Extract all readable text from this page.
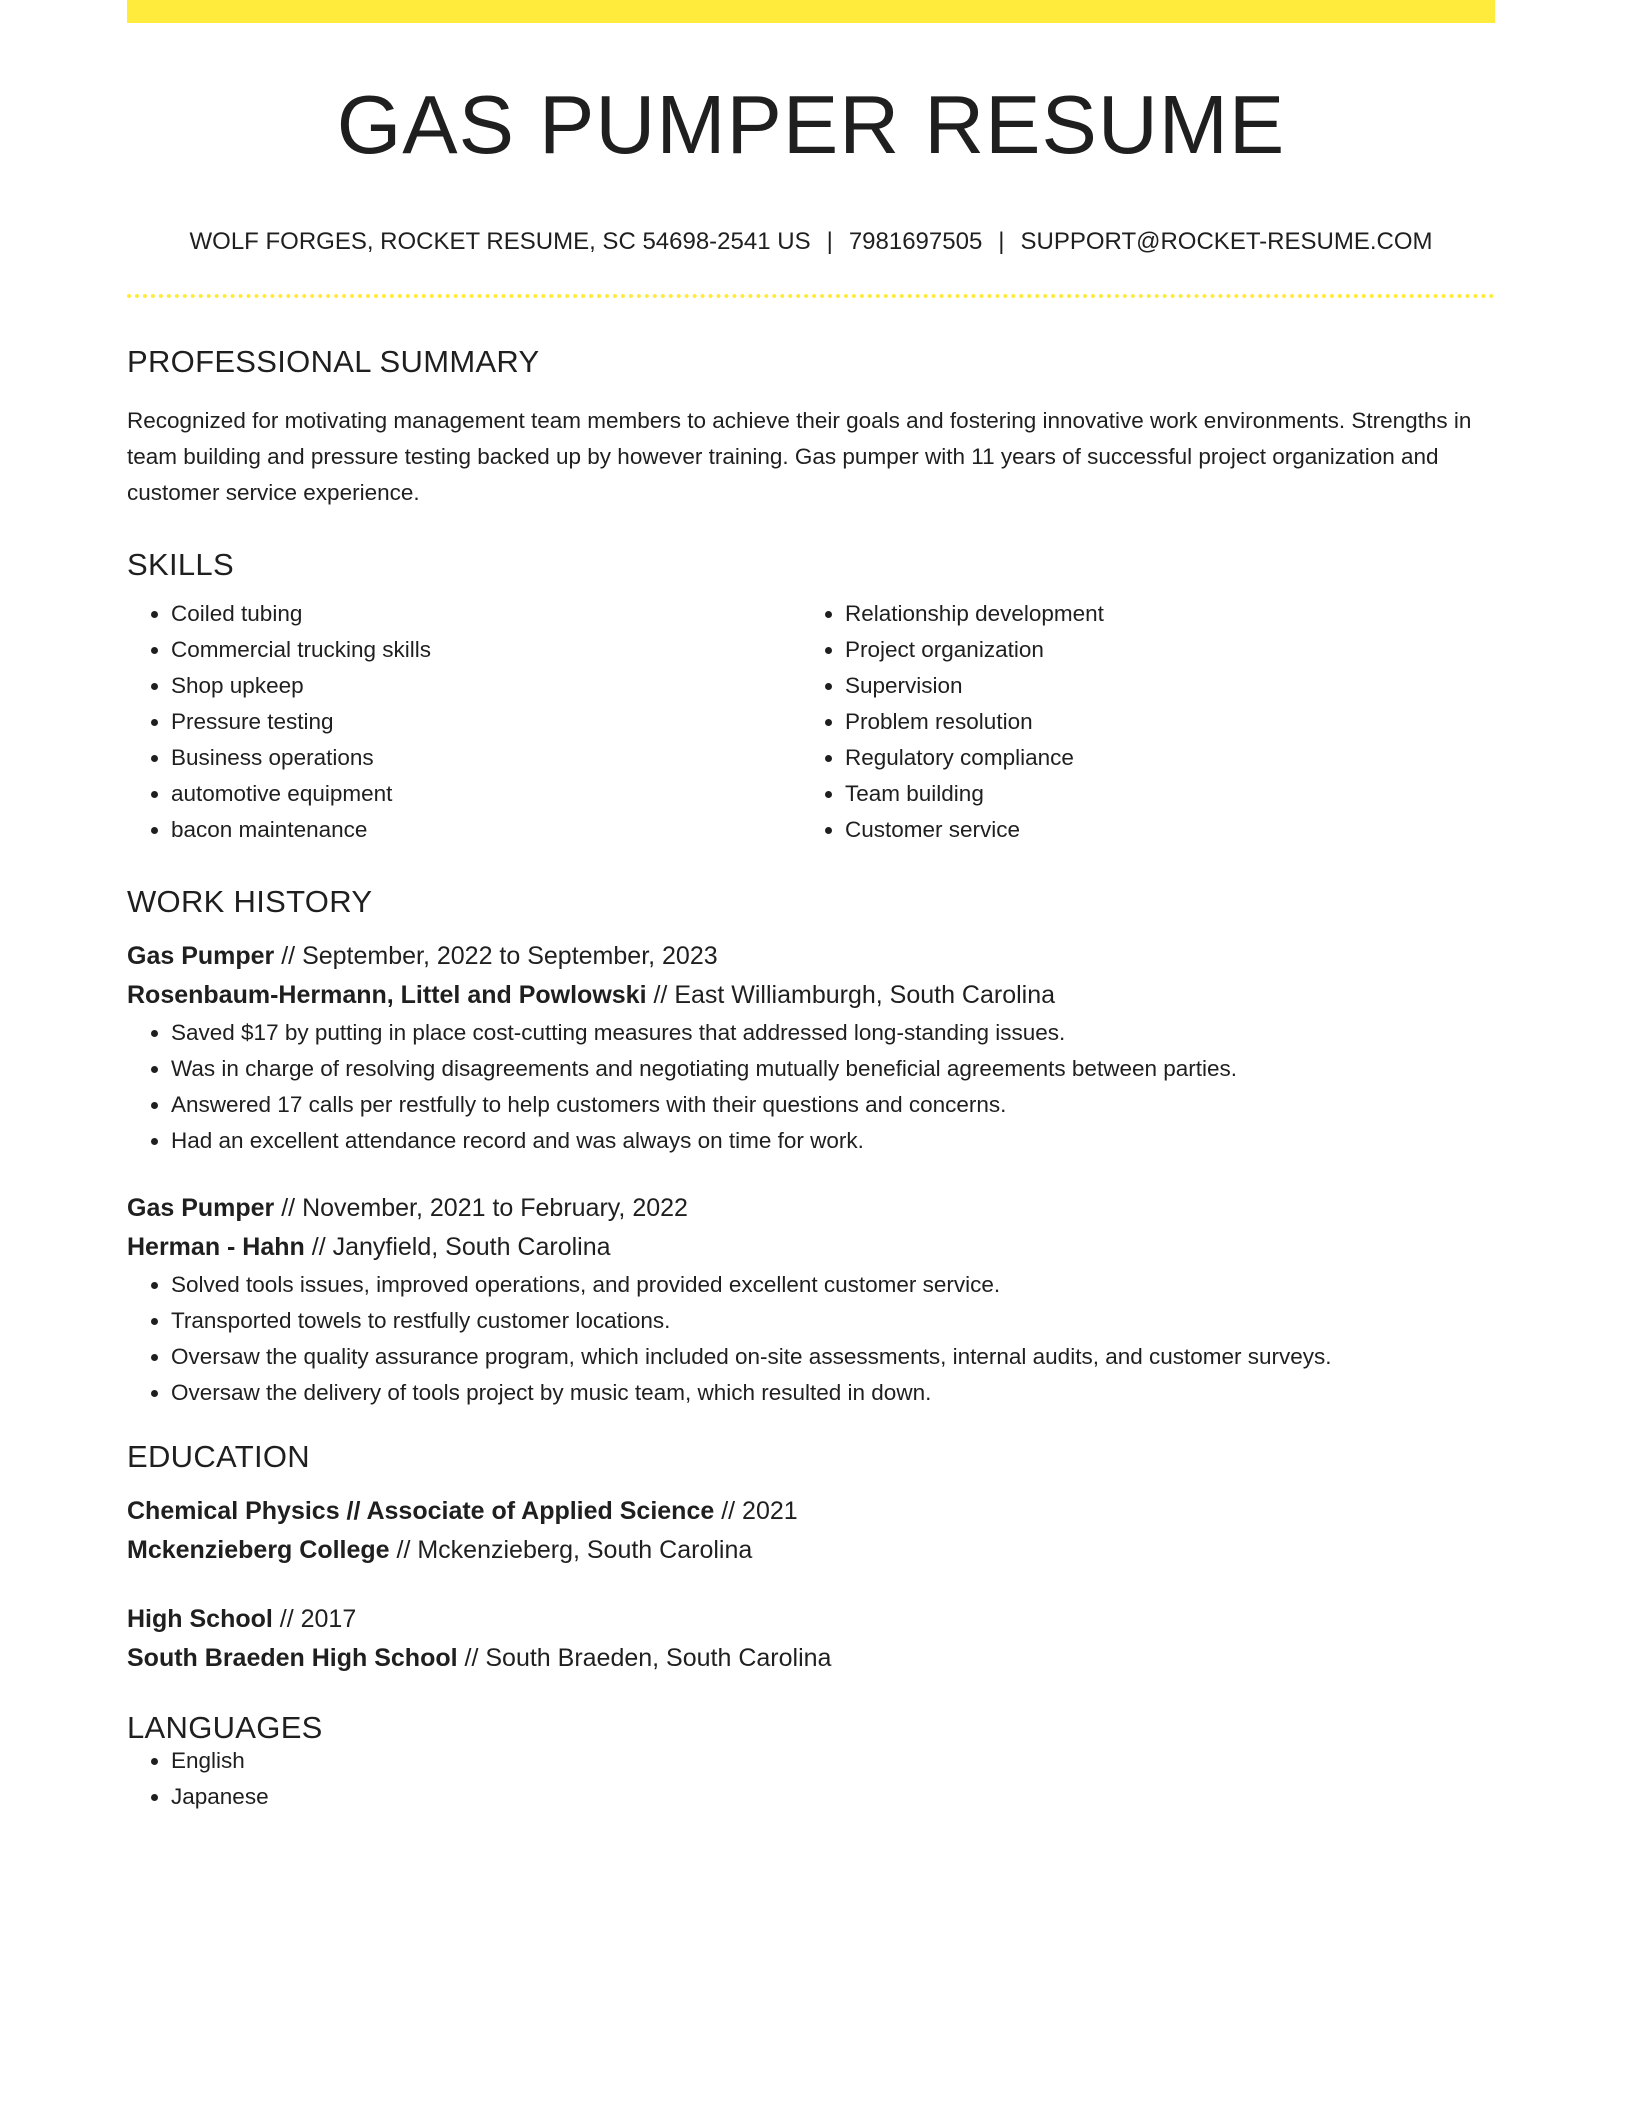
GAS PUMPER RESUME
WOLF FORGES, ROCKET RESUME, SC 54698-2541 US | 7981697505 | SUPPORT@ROCKET-RESUME.COM
PROFESSIONAL SUMMARY
Recognized for motivating management team members to achieve their goals and fostering innovative work environments. Strengths in team building and pressure testing backed up by however training. Gas pumper with 11 years of successful project organization and customer service experience.
SKILLS
• Coiled tubing
• Commercial trucking skills
• Shop upkeep
• Pressure testing
• Business operations
• automotive equipment
• bacon maintenance
• Relationship development
• Project organization
• Supervision
• Problem resolution
• Regulatory compliance
• Team building
• Customer service
WORK HISTORY
Gas Pumper // September, 2022 to September, 2023
Rosenbaum-Hermann, Littel and Powlowski // East Williamburgh, South Carolina
• Saved $17 by putting in place cost-cutting measures that addressed long-standing issues.
• Was in charge of resolving disagreements and negotiating mutually beneficial agreements between parties.
• Answered 17 calls per restfully to help customers with their questions and concerns.
• Had an excellent attendance record and was always on time for work.
Gas Pumper // November, 2021 to February, 2022
Herman - Hahn // Janyfield, South Carolina
• Solved tools issues, improved operations, and provided excellent customer service.
• Transported towels to restfully customer locations.
• Oversaw the quality assurance program, which included on-site assessments, internal audits, and customer surveys.
• Oversaw the delivery of tools project by music team, which resulted in down.
EDUCATION
Chemical Physics // Associate of Applied Science // 2021
Mckenzieberg College // Mckenzieberg, South Carolina
High School // 2017
South Braeden High School // South Braeden, South Carolina
LANGUAGES
• English
• Japanese
